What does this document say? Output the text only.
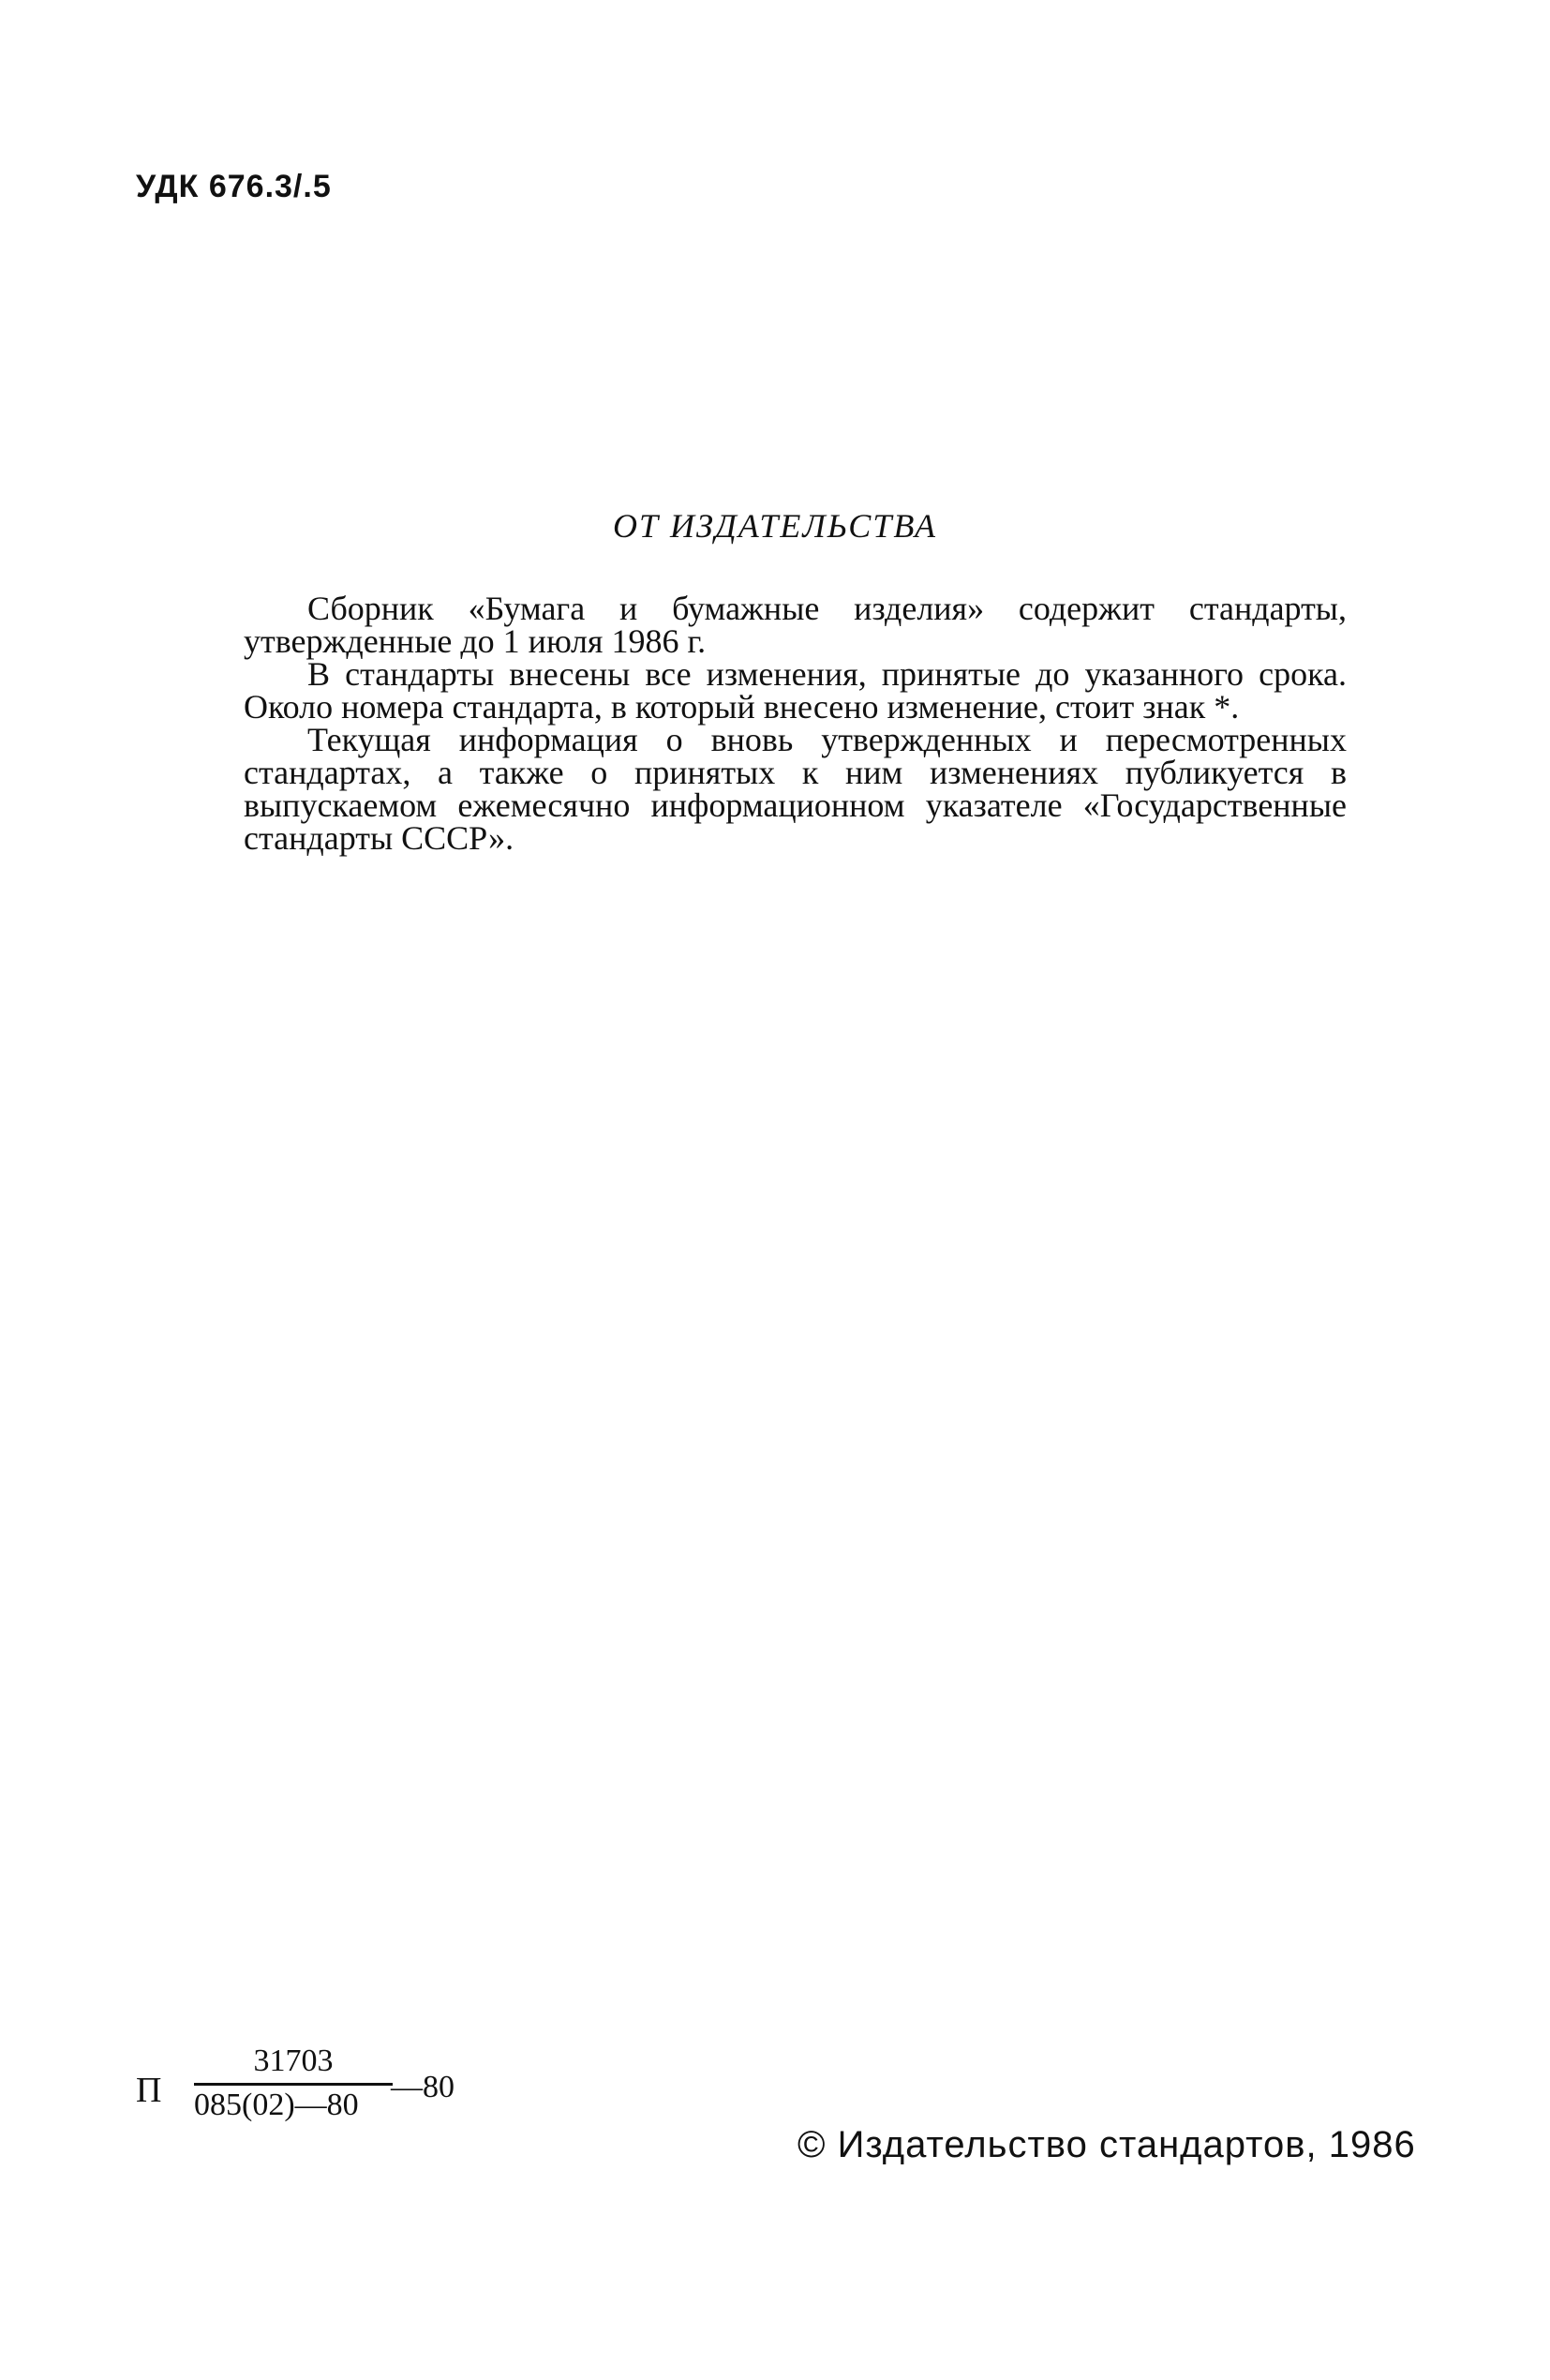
УДК 676.3/.5
ОТ ИЗДАТЕЛЬСТВА

Сборник «Бумага и бумажные изделия» содержит стандарты, утвержденные до 1 июля 1986 г.

В стандарты внесены все изменения, принятые до указанного срока. Около номера стандарта, в который внесено изменение, стоит знак *.

Текущая информация о вновь утвержденных и пересмотренных стандартах, а также о принятых к ним изменениях публикуется в выпускаемом ежемесячно информационном указателе «Государственные стандарты СССР».

П
31703
085(02)—80
—80
© Издательство стандартов, 1986
